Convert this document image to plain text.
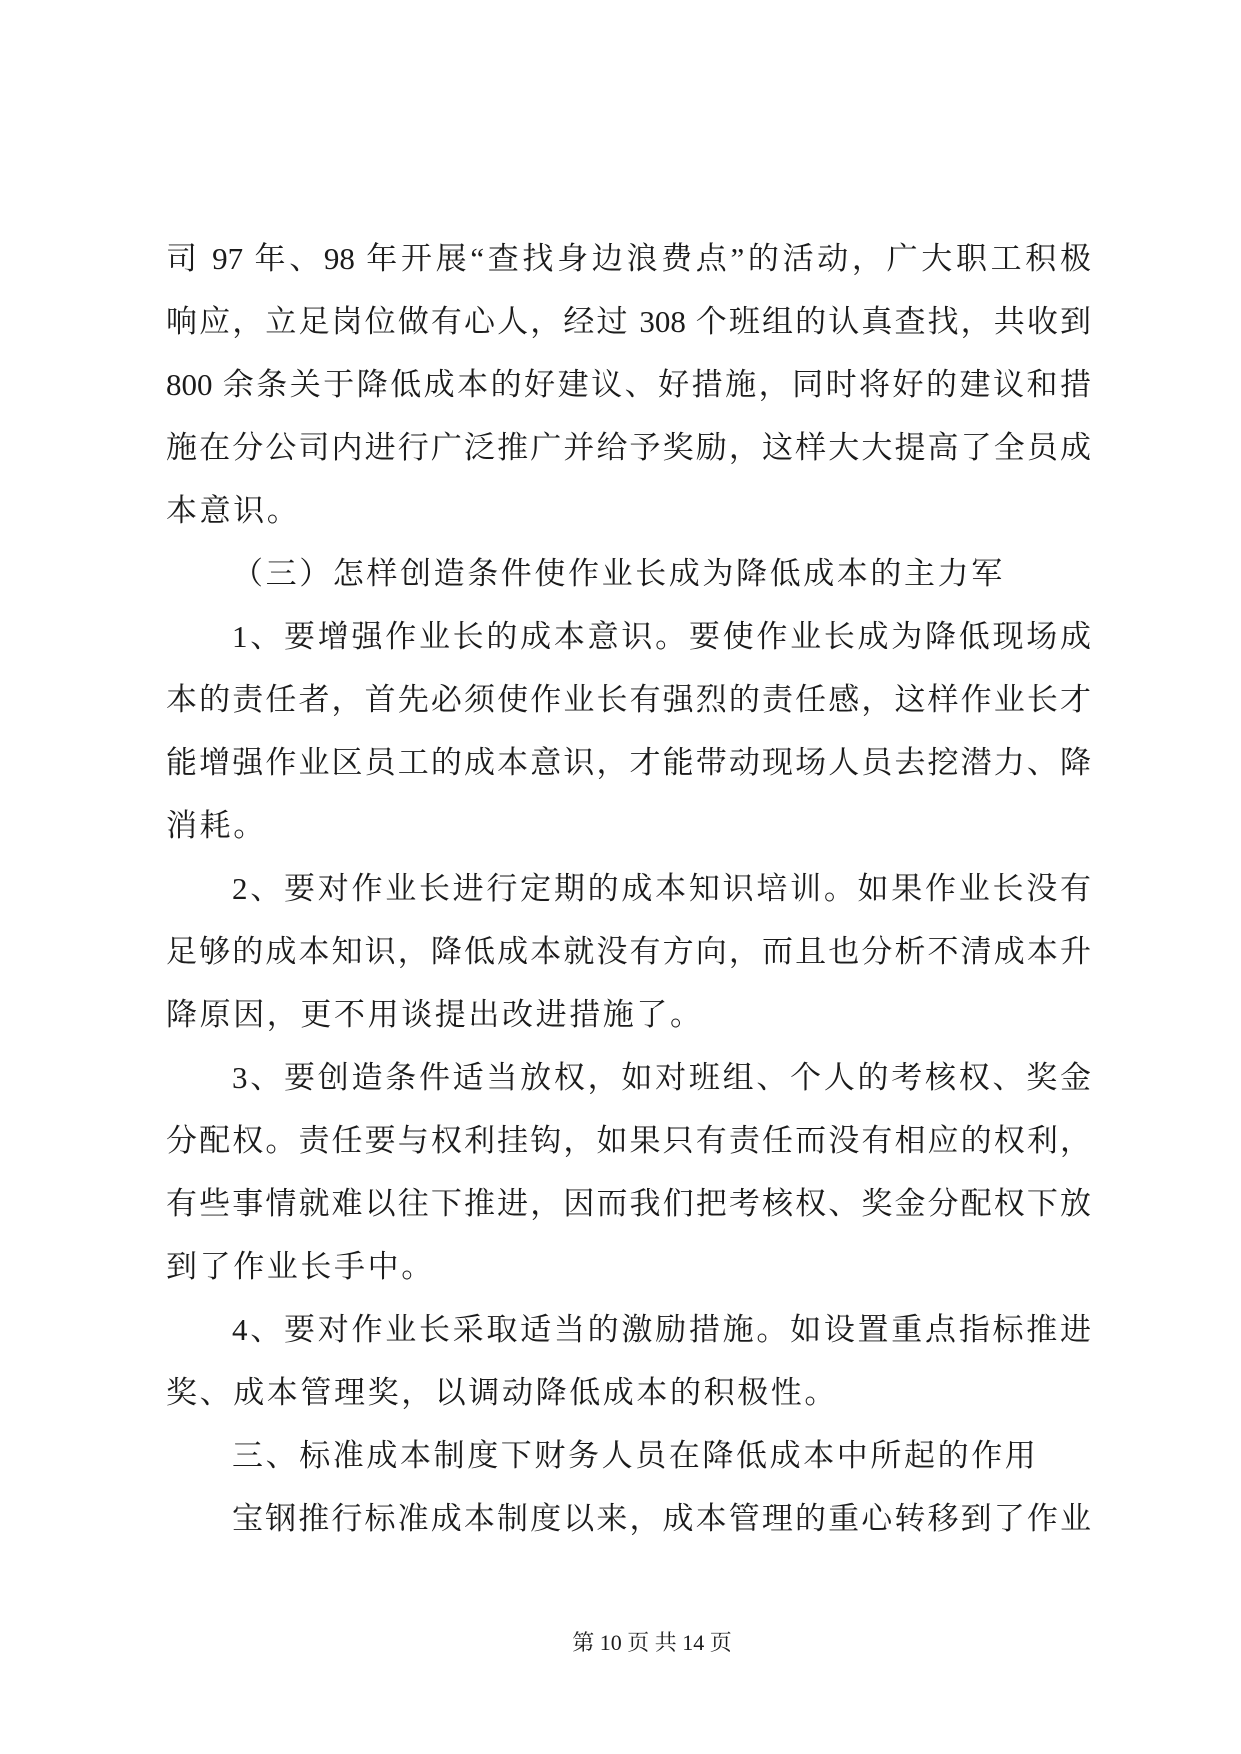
司 97 年、98 年开展“查找身边浪费点”的活动，广大职工积极
响应，立足岗位做有心人，经过 308 个班组的认真查找，共收到
800 余条关于降低成本的好建议、好措施，同时将好的建议和措
施在分公司内进行广泛推广并给予奖励，这样大大提高了全员成
本意识。
（三）怎样创造条件使作业长成为降低成本的主力军
1、要增强作业长的成本意识。要使作业长成为降低现场成
本的责任者，首先必须使作业长有强烈的责任感，这样作业长才
能增强作业区员工的成本意识，才能带动现场人员去挖潜力、降
消耗。
2、要对作业长进行定期的成本知识培训。如果作业长没有
足够的成本知识，降低成本就没有方向，而且也分析不清成本升
降原因，更不用谈提出改进措施了。
3、要创造条件适当放权，如对班组、个人的考核权、奖金
分配权。责任要与权利挂钩，如果只有责任而没有相应的权利，
有些事情就难以往下推进，因而我们把考核权、奖金分配权下放
到了作业长手中。
4、要对作业长采取适当的激励措施。如设置重点指标推进
奖、成本管理奖，以调动降低成本的积极性。
三、标准成本制度下财务人员在降低成本中所起的作用
宝钢推行标准成本制度以来，成本管理的重心转移到了作业
第 10 页 共 14 页
